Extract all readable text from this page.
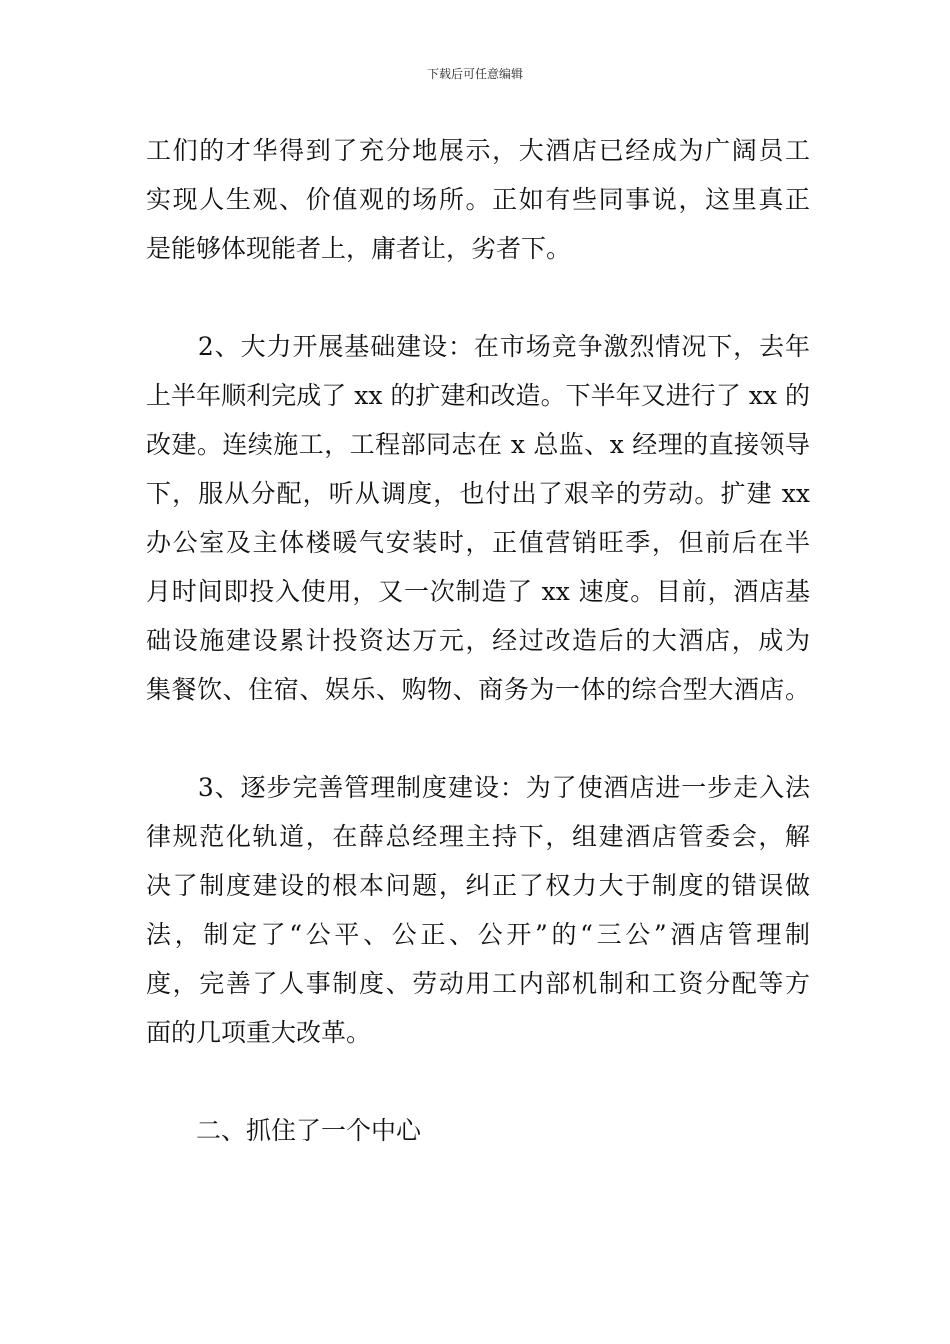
下载后可任意编辑
工们的才华得到了充分地展示，大酒店已经成为广阔员工
实现人生观、价值观的场所。正如有些同事说，这里真正
是能够体现能者上，庸者让，劣者下。
　　2、大力开展基础建设：在市场竞争激烈情况下，去年
上半年顺利完成了 xx 的扩建和改造。下半年又进行了 xx 的
改建。连续施工，工程部同志在 x 总监、x 经理的直接领导
下，服从分配，听从调度，也付出了艰辛的劳动。扩建 xx
办公室及主体楼暖气安装时，正值营销旺季，但前后在半
月时间即投入使用，又一次制造了 xx 速度。目前，酒店基
础设施建设累计投资达万元，经过改造后的大酒店，成为
集餐饮、住宿、娱乐、购物、商务为一体的综合型大酒店。
　　3、逐步完善管理制度建设：为了使酒店进一步走入法
律规范化轨道，在薛总经理主持下，组建酒店管委会，解
决了制度建设的根本问题，纠正了权力大于制度的错误做
法，制定了“公平、公正、公开”的“三公”酒店管理制
度，完善了人事制度、劳动用工内部机制和工资分配等方
面的几项重大改革。
　　二、抓住了一个中心
